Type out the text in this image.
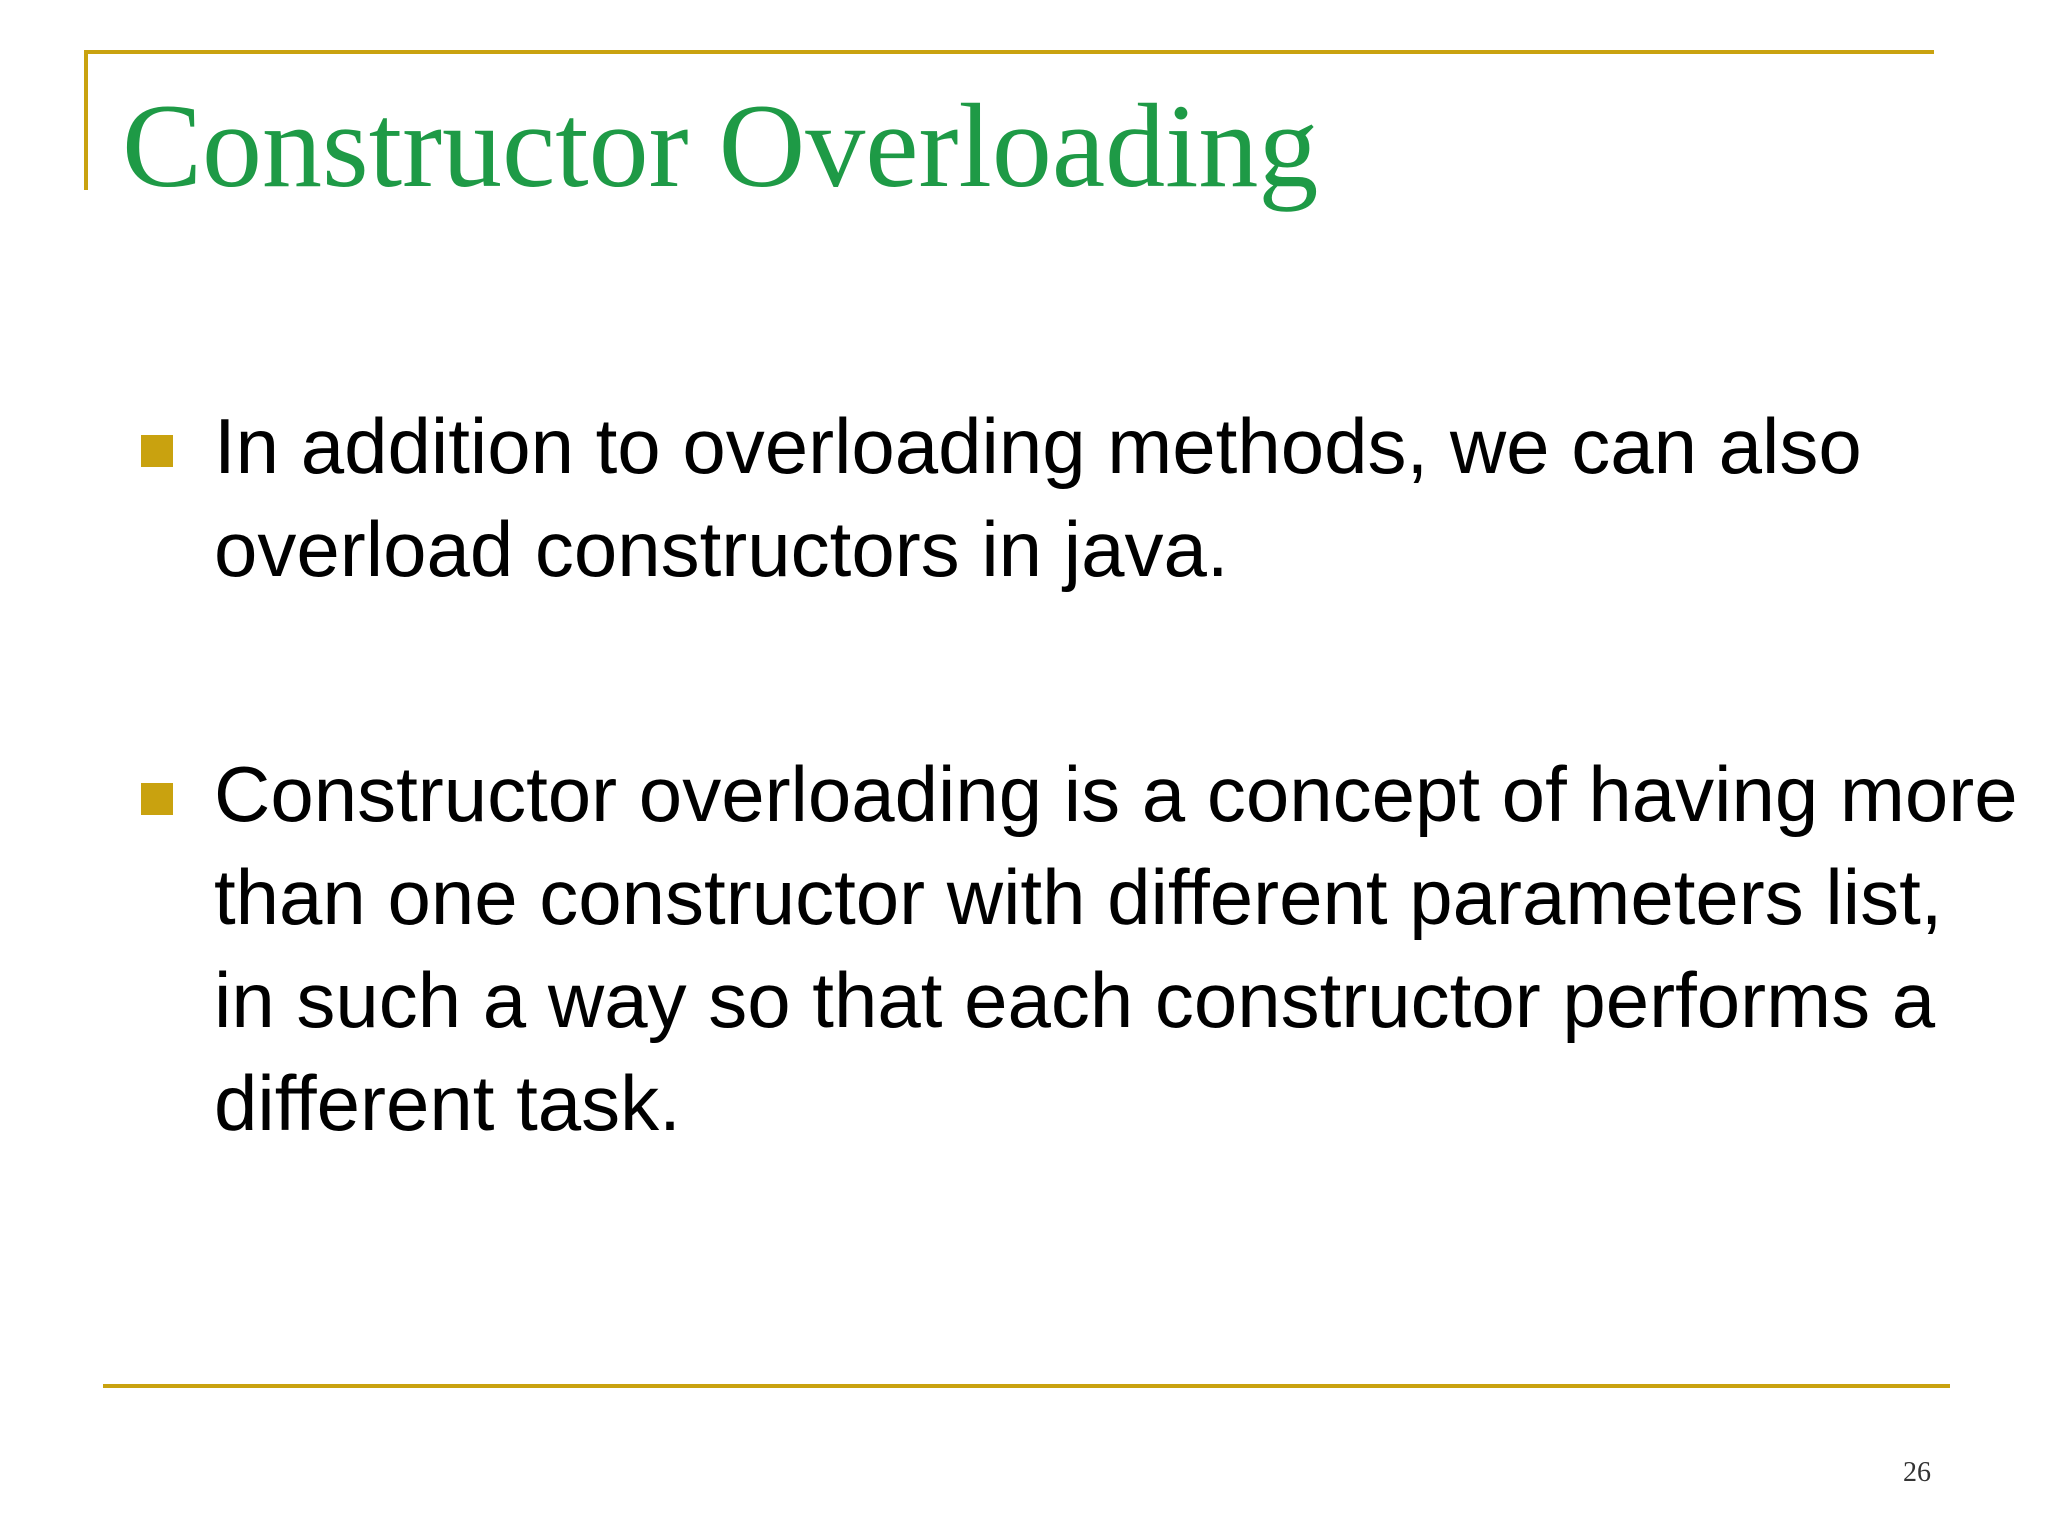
Constructor Overloading
In addition to overloading methods, we can also overload constructors in java.
Constructor overloading is a concept of having more than one constructor with different parameters list, in such a way so that each constructor performs a different task.
26
